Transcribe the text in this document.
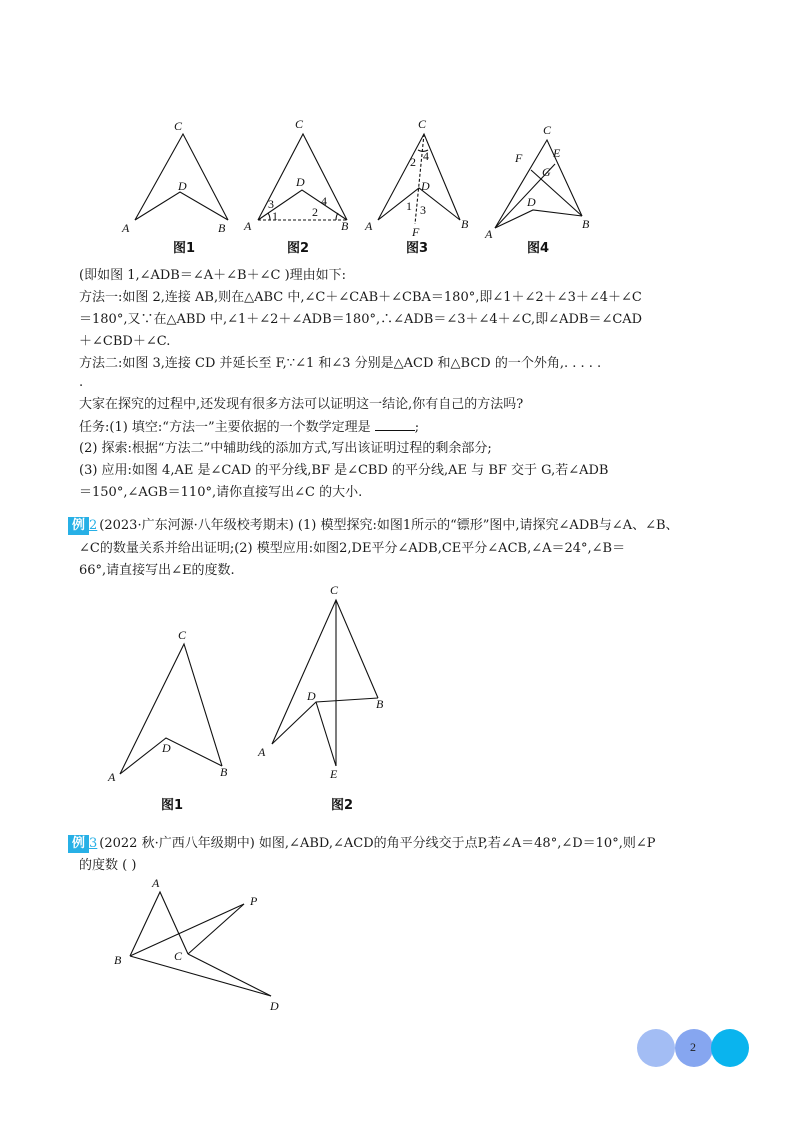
C
D
A	B
图1
C
D
A	B
3
1
4
2
图2
C
D
A	B
F
2 4
1 3
图3
C
F	E
G
D
A
B
图4
(即如图 1,∠ADB＝∠A＋∠B＋∠C )理由如下:
方法一:如图 2,连接 AB,则在△ABC 中,∠C＋∠CAB＋∠CBA＝180°,即∠1＋∠2＋∠3＋∠4＋∠C
＝180°,又∵在△ABD 中,∠1＋∠2＋∠ADB＝180°,∴∠ADB＝∠3＋∠4＋∠C,即∠ADB＝∠CAD
＋∠CBD＋∠C.
方法二:如图 3,连接 CD 并延长至 F,∵∠1 和∠3 分别是△ACD 和△BCD 的一个外角,. . . . .
.
大家在探究的过程中,还发现有很多方法可以证明这一结论,你有自己的方法吗?
任务:(1) 填空:“方法一”主要依据的一个数学定理是	;
(2) 探索:根据“方法二”中辅助线的添加方式,写出该证明过程的剩余部分;
(3) 应用:如图 4,AE 是∠CAD 的平分线,BF 是∠CBD 的平分线,AE 与 BF 交于 G,若∠ADB
＝150°,∠AGB＝110°,请你直接写出∠C 的大小.
例 2 (2023·广东河源·八年级校考期末) (1) 模型探究:如图1所示的“镖形”图中,请探究∠ADB与∠A、∠B、
∠C的数量关系并给出证明;(2) 模型应用:如图2,DE平分∠ADB,CE平分∠ACB,∠A＝24°,∠B＝
66°,请直接写出∠E的度数.
C
D
A	B
图1
C
D
A
B
E
图2
例 3 (2022 秋·广西八年级期中) 如图,∠ABD,∠ACD的角平分线交于点P,若∠A＝48°,∠D＝10°,则∠P
的度数 ( )
A
P
B	C
D
2
